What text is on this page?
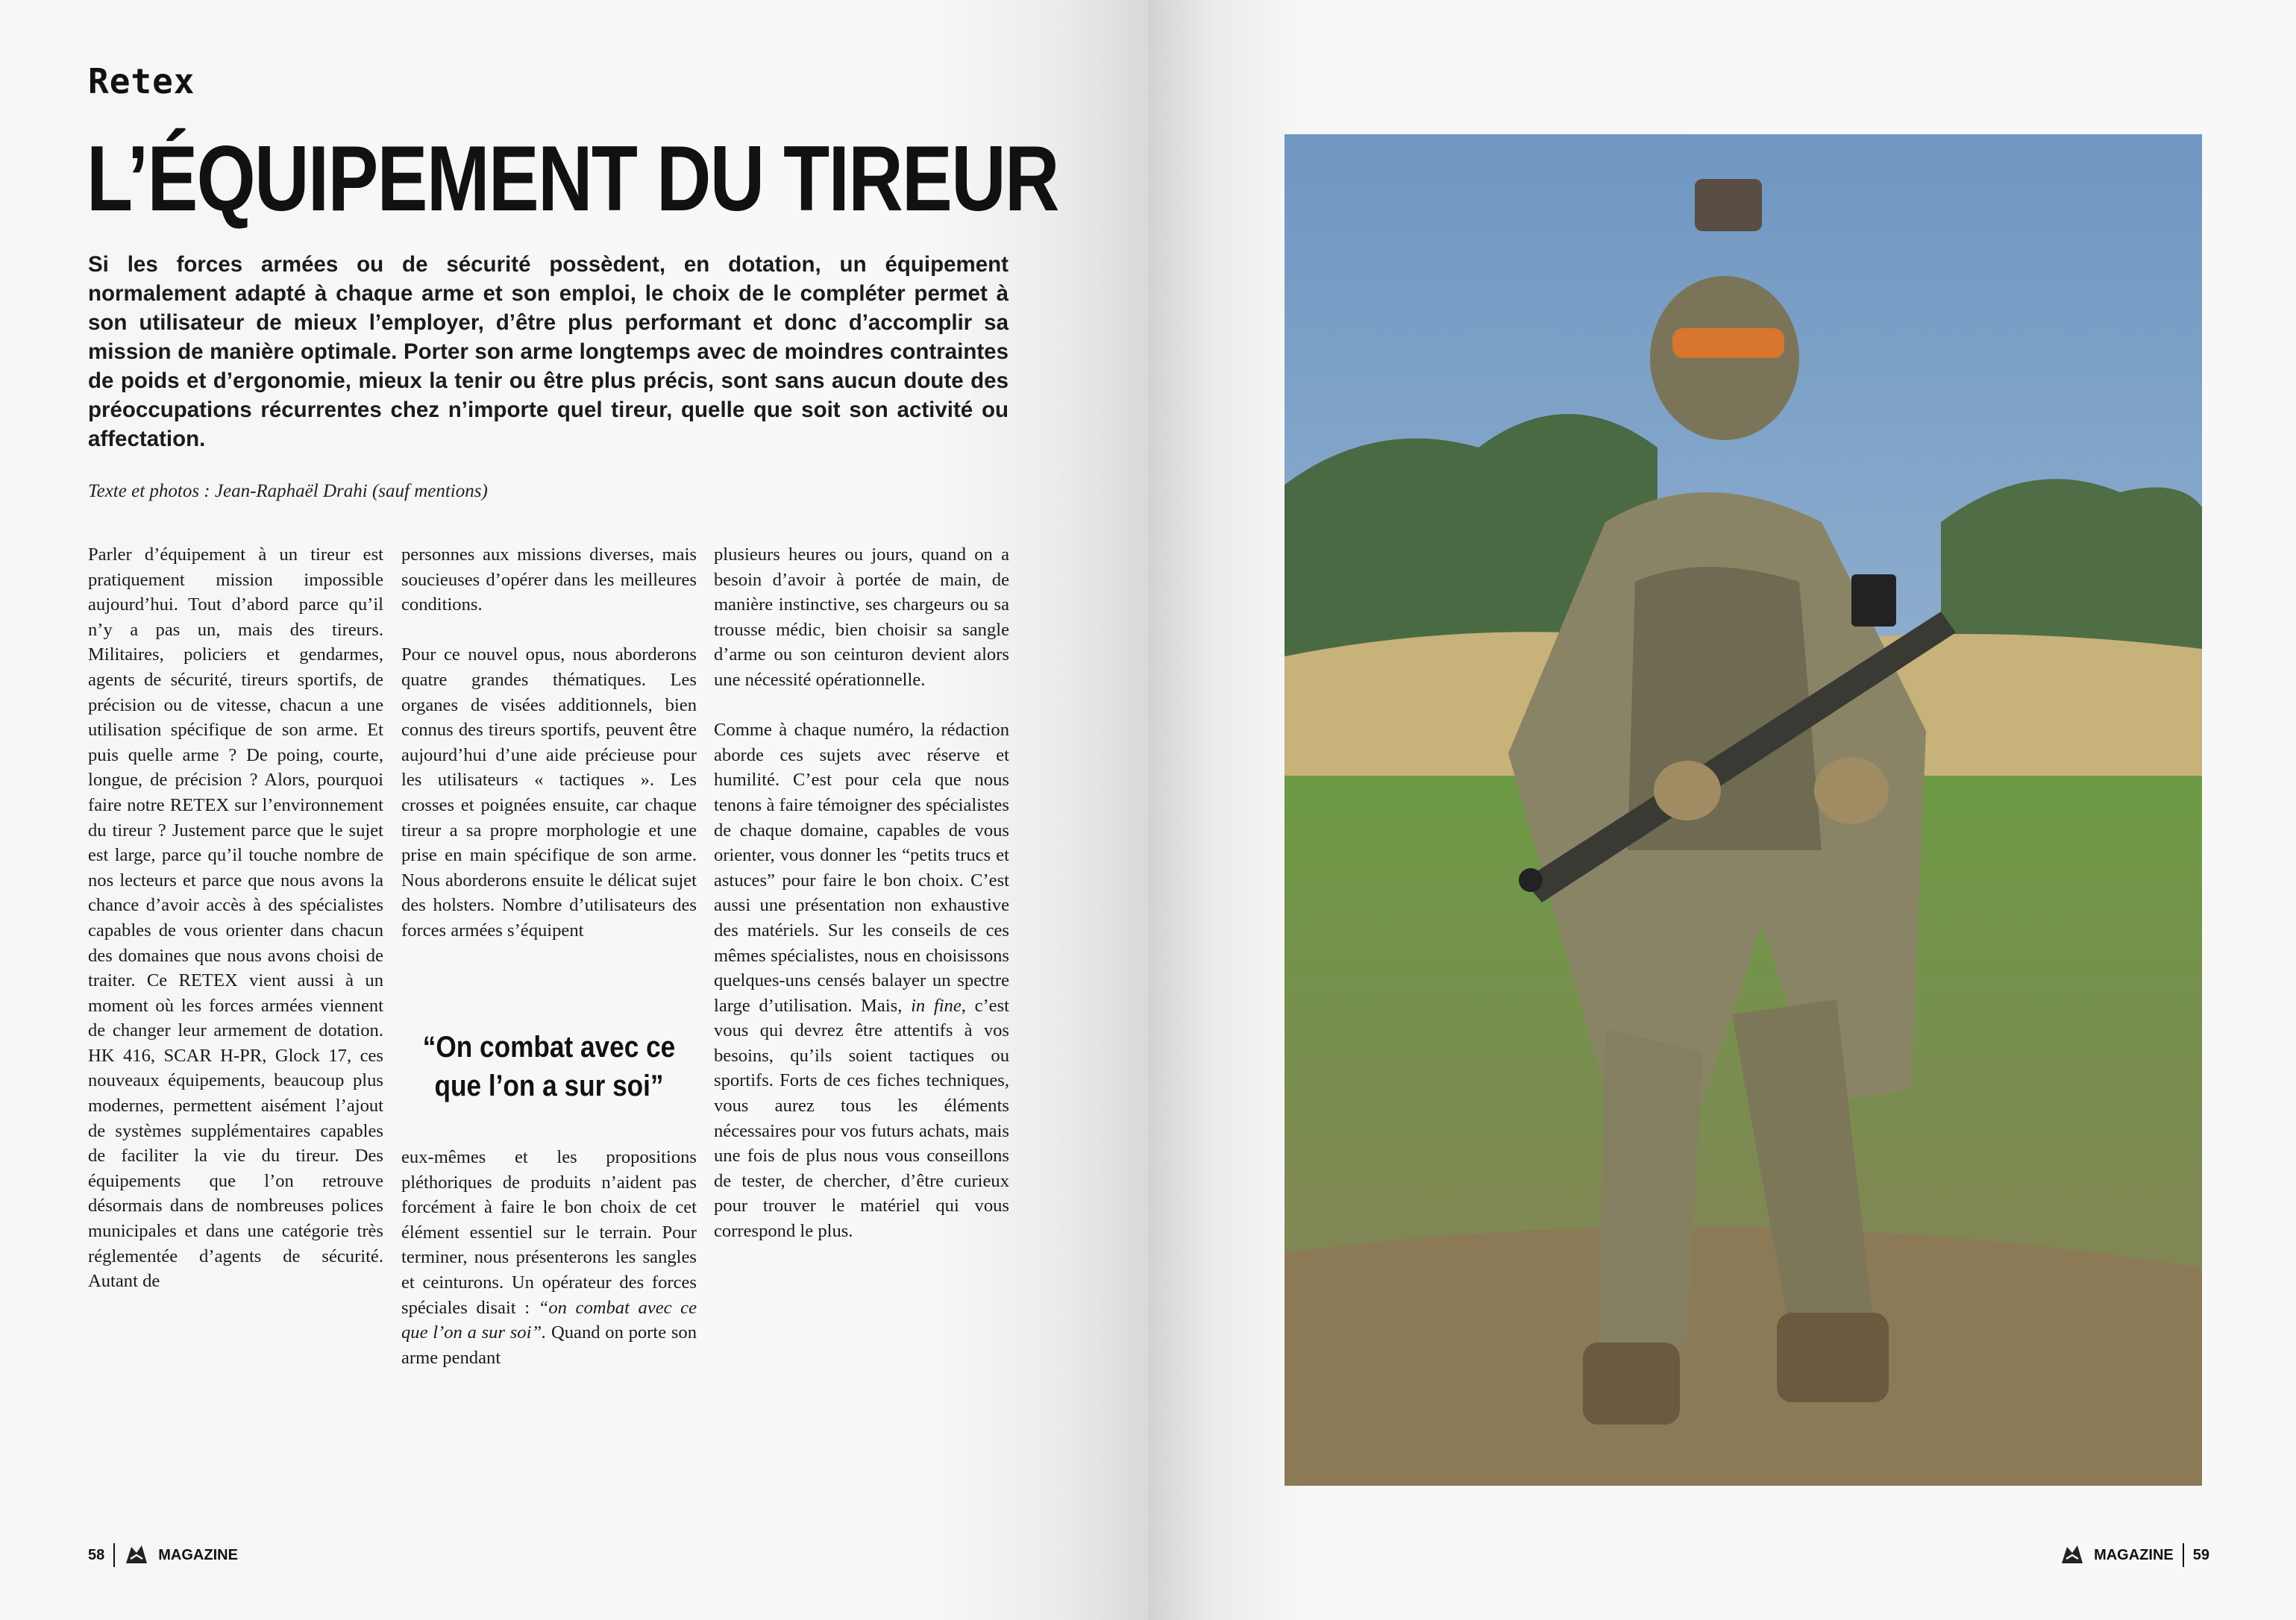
Retex
L’ÉQUIPEMENT DU TIREUR
Si les forces armées ou de sécurité possèdent, en dotation, un équipement normalement adapté à chaque arme et son emploi, le choix de le compléter permet à son utilisateur de mieux l’employer, d’être plus performant et donc d’accomplir sa mission de manière optimale. Porter son arme longtemps avec de moindres contraintes de poids et d’ergonomie, mieux la tenir ou être plus précis, sont sans aucun doute des préoccupations récurrentes chez n’importe quel tireur, quelle que soit son activité ou affectation.
Texte et photos : Jean-Raphaël Drahi (sauf mentions)

Parler d’équipement à un tireur est pratiquement mission impossible aujourd’hui. Tout d’abord parce qu’il n’y a pas un, mais des tireurs. Militaires, policiers et gendarmes, agents de sécurité, tireurs sportifs, de précision ou de vitesse, chacun a une utilisation spécifique de son arme. Et puis quelle arme ? De poing, courte, longue, de précision ? Alors, pourquoi faire notre RETEX sur l’environnement du tireur ? Justement parce que le sujet est large, parce qu’il touche nombre de nos lecteurs et parce que nous avons la chance d’avoir accès à des spécialistes capables de vous orienter dans chacun des domaines que nous avons choisi de traiter. Ce RETEX vient aussi à un moment où les forces armées viennent de changer leur armement de dotation. HK 416, SCAR H-PR, Glock 17, ces nouveaux équipements, beaucoup plus modernes, permettent aisément l’ajout de systèmes supplémentaires capables de faciliter la vie du tireur. Des équipements que l’on retrouve désormais dans de nombreuses polices municipales et dans une catégorie très réglementée d’agents de sécurité. Autant de

personnes aux missions diverses, mais soucieuses d’opérer dans les meilleures conditions.

Pour ce nouvel opus, nous aborderons quatre grandes thématiques. Les organes de visées additionnels, bien connus des tireurs sportifs, peuvent être aujourd’hui d’une aide précieuse pour les utilisateurs « tactiques ». Les crosses et poignées ensuite, car chaque tireur a sa propre morphologie et une prise en main spécifique de son arme. Nous aborderons ensuite le délicat sujet des holsters. Nombre d’utilisateurs des forces armées s’équipent

“On combat avec ce que l’on a sur soi”

eux-mêmes et les propositions pléthoriques de produits n’aident pas forcément à faire le bon choix de cet élément essentiel sur le terrain. Pour terminer, nous présenterons les sangles et ceinturons. Un opérateur des forces spéciales disait : “on combat avec ce que l’on a sur soi”. Quand on porte son arme pendant

plusieurs heures ou jours, quand on a besoin d’avoir à portée de main, de manière instinctive, ses chargeurs ou sa trousse médic, bien choisir sa sangle d’arme ou son ceinturon devient alors une nécessité opérationnelle.

Comme à chaque numéro, la rédaction aborde ces sujets avec réserve et humilité. C’est pour cela que nous tenons à faire témoigner des spécialistes de chaque domaine, capables de vous orienter, vous donner les “petits trucs et astuces” pour faire le bon choix. C’est aussi une présentation non exhaustive des matériels. Sur les conseils de ces mêmes spécialistes, nous en choisissons quelques-uns censés balayer un spectre large d’utilisation. Mais, in fine, c’est vous qui devrez être attentifs à vos besoins, qu’ils soient tactiques ou sportifs. Forts de ces fiches techniques, vous aurez tous les éléments nécessaires pour vos futurs achats, mais une fois de plus nous vous conseillons de tester, de chercher, d’être curieux pour trouver le matériel qui vous correspond le plus.

58	MAGAZINE	MAGAZINE 59
